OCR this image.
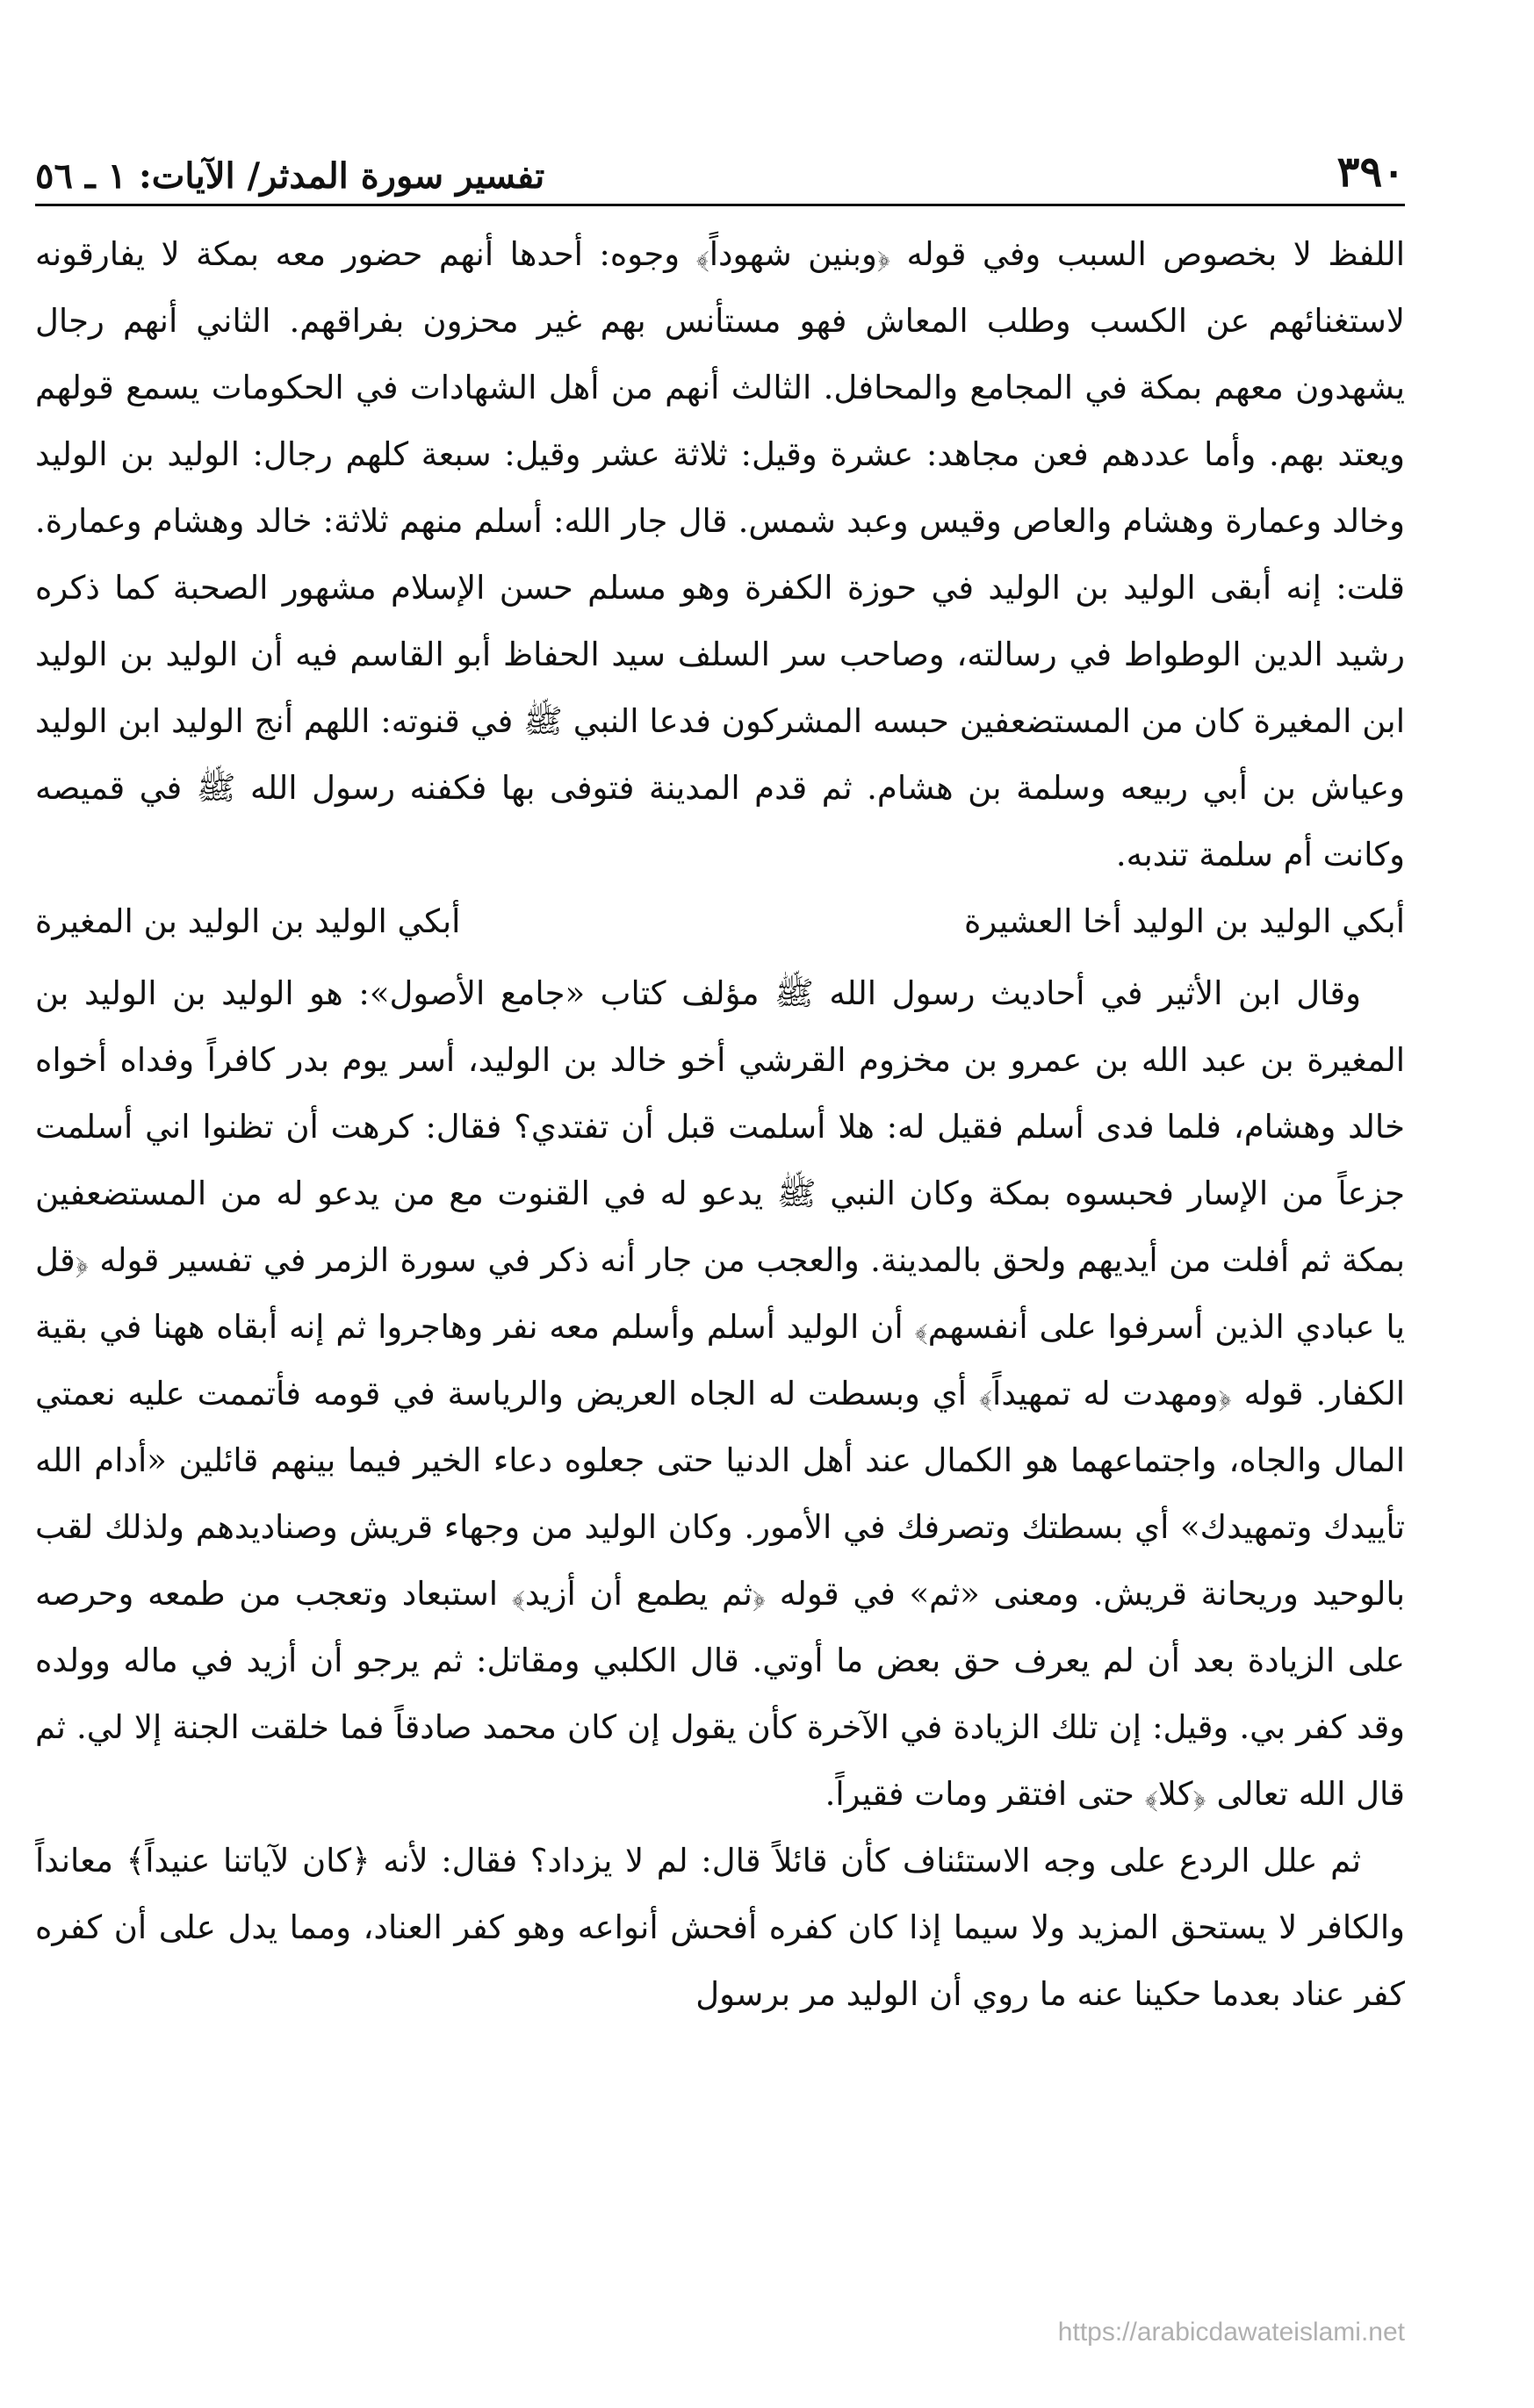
٣٩٠
تفسير سورة المدثر/ الآيات: ١ ـ ٥٦

اللفظ لا بخصوص السبب وفي قوله ﴿وبنين شهوداً﴾ وجوه: أحدها أنهم حضور معه بمكة لا يفارقونه لاستغنائهم عن الكسب وطلب المعاش فهو مستأنس بهم غير محزون بفراقهم. الثاني أنهم رجال يشهدون معهم بمكة في المجامع والمحافل. الثالث أنهم من أهل الشهادات في الحكومات يسمع قولهم ويعتد بهم. وأما عددهم فعن مجاهد: عشرة وقيل: ثلاثة عشر وقيل: سبعة كلهم رجال: الوليد بن الوليد وخالد وعمارة وهشام والعاص وقيس وعبد شمس. قال جار الله: أسلم منهم ثلاثة: خالد وهشام وعمارة. قلت: إنه أبقى الوليد بن الوليد في حوزة الكفرة وهو مسلم حسن الإسلام مشهور الصحبة كما ذكره رشيد الدين الوطواط في رسالته، وصاحب سر السلف سيد الحفاظ أبو القاسم فيه أن الوليد بن الوليد ابن المغيرة كان من المستضعفين حبسه المشركون فدعا النبي ﷺ في قنوته: اللهم أنج الوليد ابن الوليد وعياش بن أبي ربيعه وسلمة بن هشام. ثم قدم المدينة فتوفى بها فكفنه رسول الله ﷺ في قميصه وكانت أم سلمة تندبه.

أبكي الوليد بن الوليد أخا العشيرة
أبكي الوليد بن الوليد بن المغيرة

وقال ابن الأثير في أحاديث رسول الله ﷺ مؤلف كتاب «جامع الأصول»: هو الوليد بن الوليد بن المغيرة بن عبد الله بن عمرو بن مخزوم القرشي أخو خالد بن الوليد، أسر يوم بدر كافراً وفداه أخواه خالد وهشام، فلما فدى أسلم فقيل له: هلا أسلمت قبل أن تفتدي؟ فقال: كرهت أن تظنوا اني أسلمت جزعاً من الإسار فحبسوه بمكة وكان النبي ﷺ يدعو له في القنوت مع من يدعو له من المستضعفين بمكة ثم أفلت من أيديهم ولحق بالمدينة. والعجب من جار أنه ذكر في سورة الزمر في تفسير قوله ﴿قل يا عبادي الذين أسرفوا على أنفسهم﴾ أن الوليد أسلم وأسلم معه نفر وهاجروا ثم إنه أبقاه ههنا في بقية الكفار. قوله ﴿ومهدت له تمهيداً﴾ أي وبسطت له الجاه العريض والرياسة في قومه فأتممت عليه نعمتي المال والجاه، واجتماعهما هو الكمال عند أهل الدنيا حتى جعلوه دعاء الخير فيما بينهم قائلين «أدام الله تأييدك وتمهيدك» أي بسطتك وتصرفك في الأمور. وكان الوليد من وجهاء قريش وصناديدهم ولذلك لقب بالوحيد وريحانة قريش. ومعنى «ثم» في قوله ﴿ثم يطمع أن أزيد﴾ استبعاد وتعجب من طمعه وحرصه على الزيادة بعد أن لم يعرف حق بعض ما أوتي. قال الكلبي ومقاتل: ثم يرجو أن أزيد في ماله وولده وقد كفر بي. وقيل: إن تلك الزيادة في الآخرة كأن يقول إن كان محمد صادقاً فما خلقت الجنة إلا لي. ثم قال الله تعالى ﴿كلا﴾ حتى افتقر ومات فقيراً.

ثم علل الردع على وجه الاستئناف كأن قائلاً قال: لم لا يزداد؟ فقال: لأنه ﴿كان لآياتنا عنيداً﴾ معانداً والكافر لا يستحق المزيد ولا سيما إذا كان كفره أفحش أنواعه وهو كفر العناد، ومما يدل على أن كفره كفر عناد بعدما حكينا عنه ما روي أن الوليد مر برسول

https://arabicdawateislami.net
